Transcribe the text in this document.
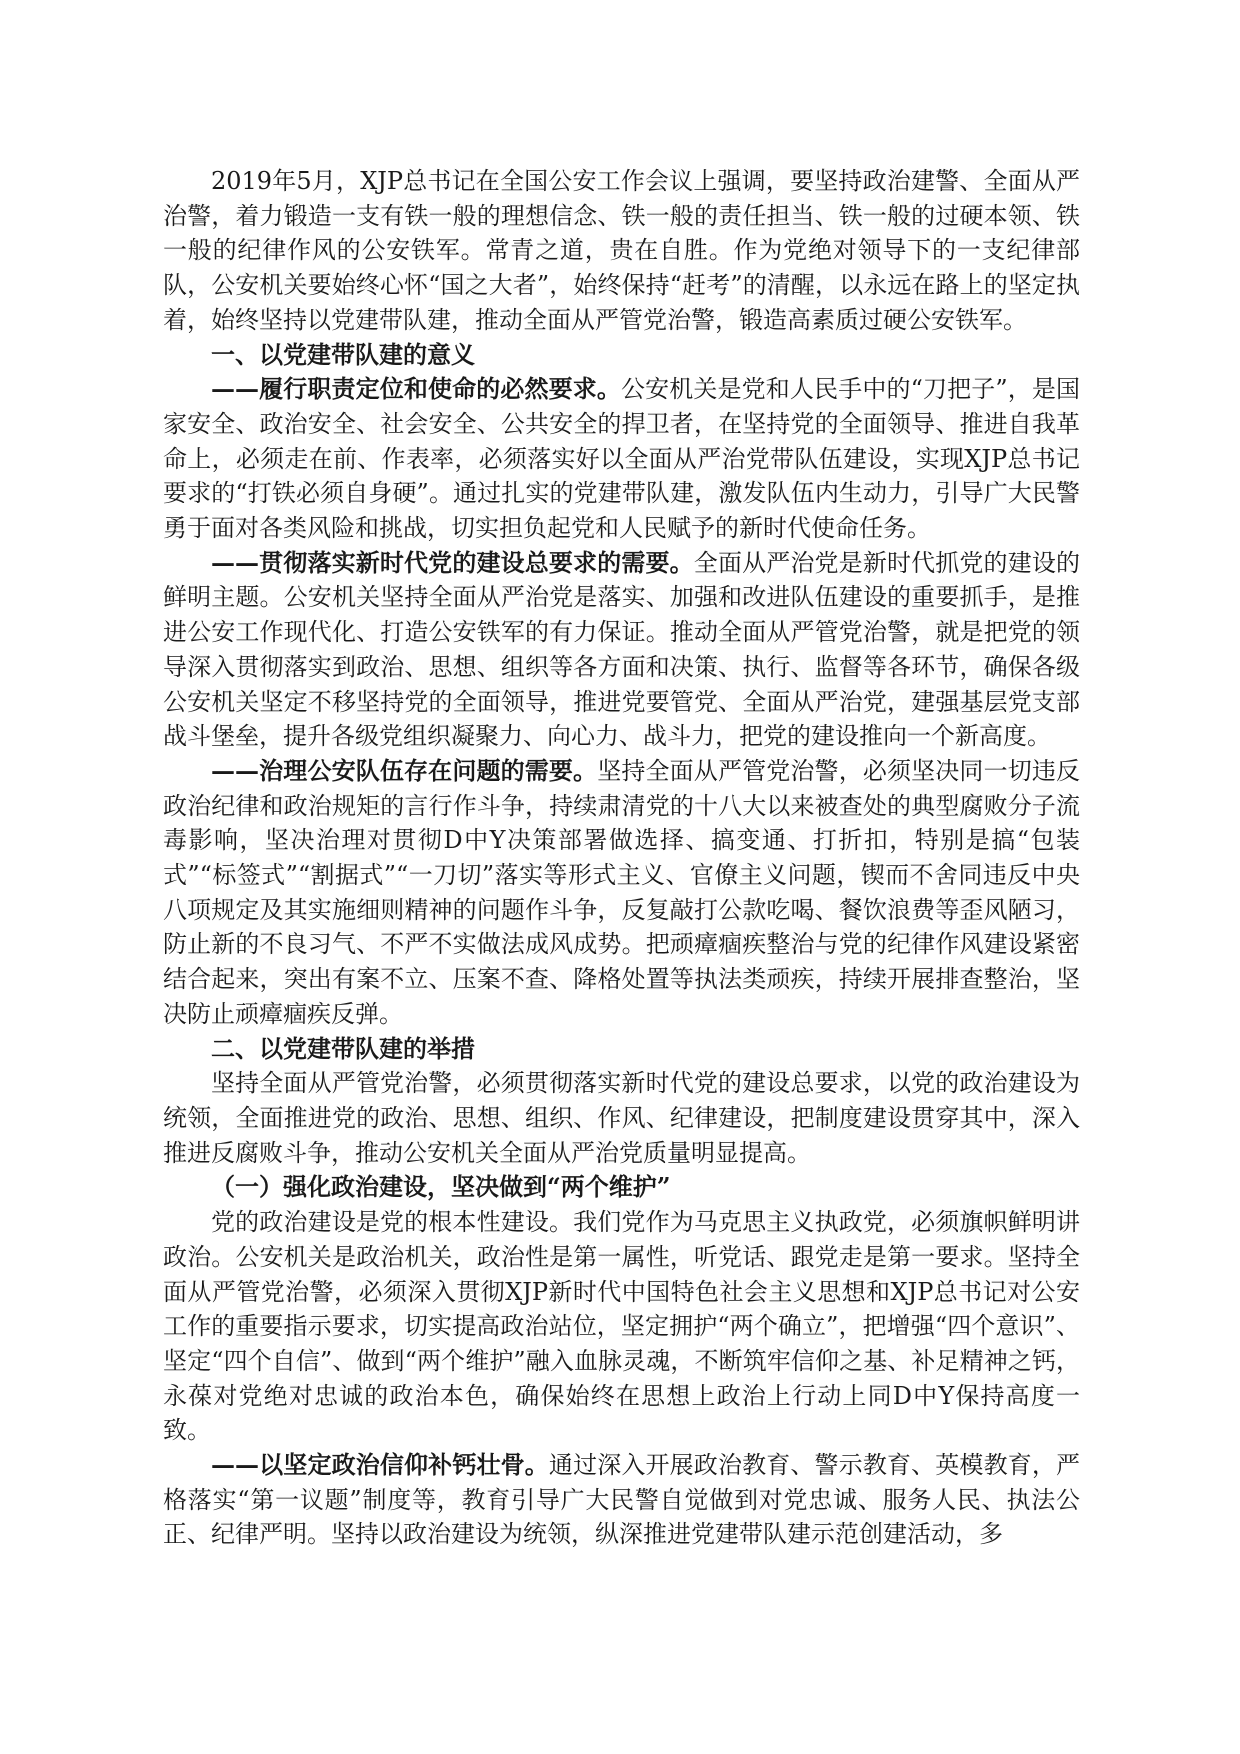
2019年5月，XJP总书记在全国公安工作会议上强调，要坚持政治建警、全面从严治警，着力锻造一支有铁一般的理想信念、铁一般的责任担当、铁一般的过硬本领、铁一般的纪律作风的公安铁军。常青之道，贵在自胜。作为党绝对领导下的一支纪律部队，公安机关要始终心怀“国之大者”，始终保持“赶考”的清醒，以永远在路上的坚定执着，始终坚持以党建带队建，推动全面从严管党治警，锻造高素质过硬公安铁军。

一、以党建带队建的意义

——履行职责定位和使命的必然要求。公安机关是党和人民手中的“刀把子”，是国家安全、政治安全、社会安全、公共安全的捍卫者，在坚持党的全面领导、推进自我革命上，必须走在前、作表率，必须落实好以全面从严治党带队伍建设，实现XJP总书记要求的“打铁必须自身硬”。通过扎实的党建带队建，激发队伍内生动力，引导广大民警勇于面对各类风险和挑战，切实担负起党和人民赋予的新时代使命任务。

——贯彻落实新时代党的建设总要求的需要。全面从严治党是新时代抓党的建设的鲜明主题。公安机关坚持全面从严治党是落实、加强和改进队伍建设的重要抓手，是推进公安工作现代化、打造公安铁军的有力保证。推动全面从严管党治警，就是把党的领导深入贯彻落实到政治、思想、组织等各方面和决策、执行、监督等各环节，确保各级公安机关坚定不移坚持党的全面领导，推进党要管党、全面从严治党，建强基层党支部战斗堡垒，提升各级党组织凝聚力、向心力、战斗力，把党的建设推向一个新高度。

——治理公安队伍存在问题的需要。坚持全面从严管党治警，必须坚决同一切违反政治纪律和政治规矩的言行作斗争，持续肃清党的十八大以来被查处的典型腐败分子流毒影响，坚决治理对贯彻D中Y决策部署做选择、搞变通、打折扣，特别是搞“包装式”“标签式”“割据式”“一刀切”落实等形式主义、官僚主义问题，锲而不舍同违反中央八项规定及其实施细则精神的问题作斗争，反复敲打公款吃喝、餐饮浪费等歪风陋习，防止新的不良习气、不严不实做法成风成势。把顽瘴痼疾整治与党的纪律作风建设紧密结合起来，突出有案不立、压案不查、降格处置等执法类顽疾，持续开展排查整治，坚决防止顽瘴痼疾反弹。

二、以党建带队建的举措

坚持全面从严管党治警，必须贯彻落实新时代党的建设总要求，以党的政治建设为统领，全面推进党的政治、思想、组织、作风、纪律建设，把制度建设贯穿其中，深入推进反腐败斗争，推动公安机关全面从严治党质量明显提高。

（一）强化政治建设，坚决做到“两个维护”

党的政治建设是党的根本性建设。我们党作为马克思主义执政党，必须旗帜鲜明讲政治。公安机关是政治机关，政治性是第一属性，听党话、跟党走是第一要求。坚持全面从严管党治警，必须深入贯彻XJP新时代中国特色社会主义思想和XJP总书记对公安工作的重要指示要求，切实提高政治站位，坚定拥护“两个确立”，把增强“四个意识”、坚定“四个自信”、做到“两个维护”融入血脉灵魂，不断筑牢信仰之基、补足精神之钙，永葆对党绝对忠诚的政治本色，确保始终在思想上政治上行动上同D中Y保持高度一致。

——以坚定政治信仰补钙壮骨。通过深入开展政治教育、警示教育、英模教育，严格落实“第一议题”制度等，教育引导广大民警自觉做到对党忠诚、服务人民、执法公正、纪律严明。坚持以政治建设为统领，纵深推进党建带队建示范创建活动，多
